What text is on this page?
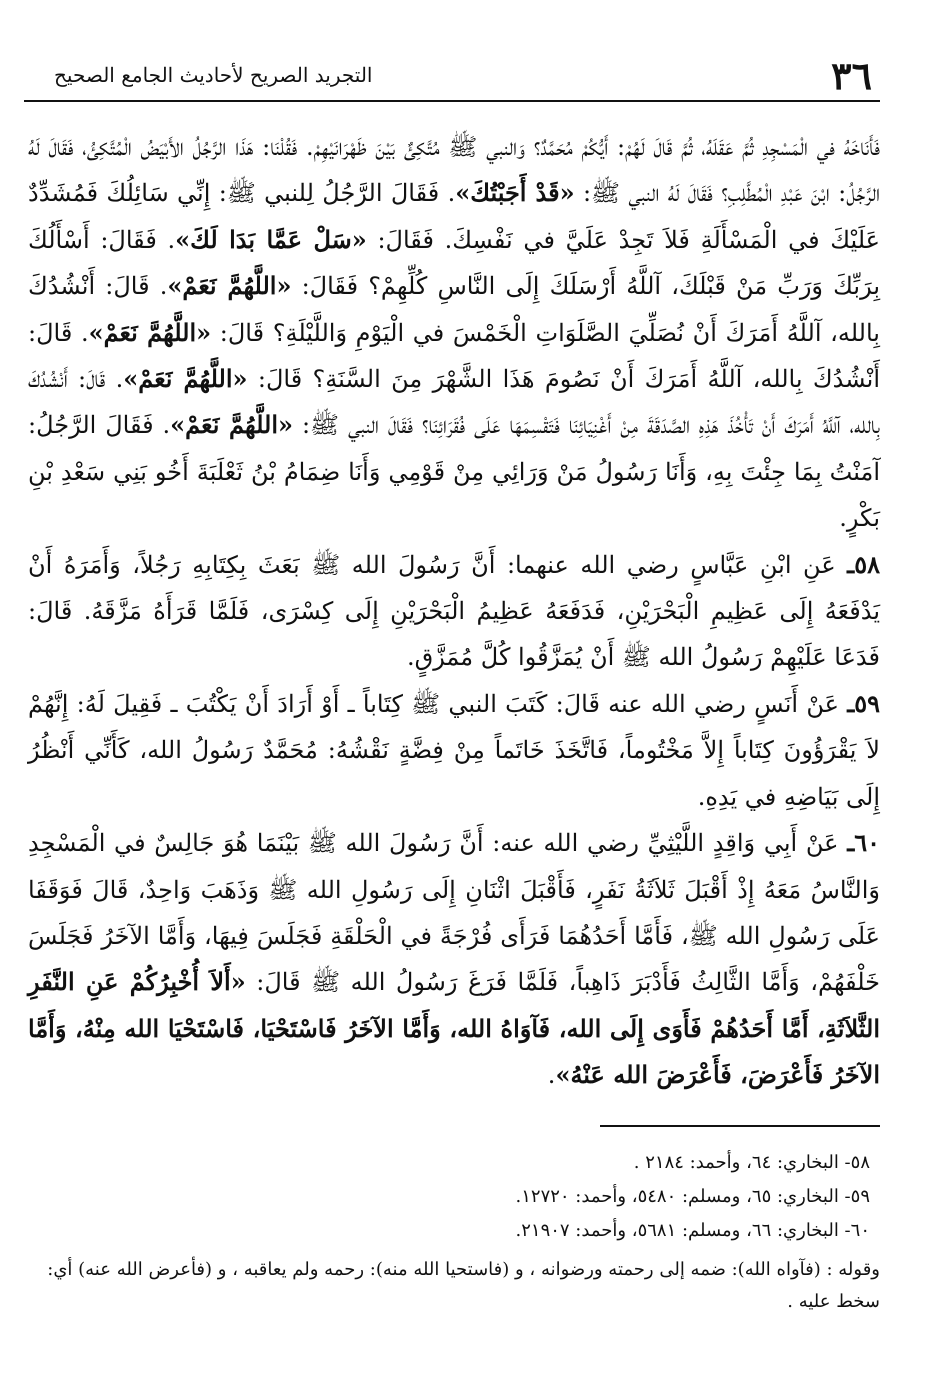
٣٦
التجريد الصريح لأحاديث الجامع الصحيح

فَأَنَاخَهُ في الْمَسْجِدِ ثُمَّ عَقَلَهُ، ثُمَّ قَالَ لَهُمْ: أَيُّكُمْ مُحَمَّدٌ؟ وَالنبي ﷺ مُتَّكِئٌ بَيْنَ ظَهْرَانَيْهِمْ. فَقُلْنَا: هَذَا الرَّجُلُ الأَبْيَضُ الْمُتَّكِئُ، فَقَالَ لَهُ الرَّجُلُ: ابْنَ عَبْدِ الْمُطَّلِبِ؟ فَقَالَ لَهُ النبي ﷺ: «قَدْ أَجَبْتُكَ». فَقَالَ الرَّجُلُ لِلنبي ﷺ: إِنِّي سَائِلُكَ فَمُشَدِّدٌ عَلَيْكَ في الْمَسْأَلَةِ فَلاَ تَجِدْ عَلَيَّ في نَفْسِكَ. فَقَالَ: «سَلْ عَمَّا بَدَا لَكَ». فَقَالَ: أَسْأَلُكَ بِرَبِّكَ وَرَبِّ مَنْ قَبْلَكَ، آللَّهُ أَرْسَلَكَ إِلَى النَّاسِ كُلِّهِمْ؟ فَقَالَ: «اللَّهُمَّ نَعَمْ». قَالَ: أَنْشُدُكَ بِالله، آللَّهُ أَمَرَكَ أَنْ نُصَلِّيَ الصَّلَوَاتِ الْخَمْسَ في الْيَوْمِ وَاللَّيْلَةِ؟ قَالَ: «اللَّهُمَّ نَعَمْ». قَالَ: أَنْشُدُكَ بِالله، آللَّهُ أَمَرَكَ أَنْ نَصُومَ هَذَا الشَّهْرَ مِنَ السَّنَةِ؟ قَالَ: «اللَّهُمَّ نَعَمْ». قَالَ: أَنْشُدُكَ بِالله، آللَّهُ أَمَرَكَ أَنْ تَأْخُذَ هَذِهِ الصَّدَقَةَ مِنْ أَغْنِيَائِنَا فَتَقْسِمَهَا عَلَى فُقَرَائِنَا؟ فَقَالَ النبي ﷺ: «اللَّهُمَّ نَعَمْ». فَقَالَ الرَّجُلُ: آمَنْتُ بِمَا جِئْتَ بِهِ، وَأَنَا رَسُولُ مَنْ وَرَائِي مِنْ قَوْمِي وَأَنَا ضِمَامُ بْنُ ثَعْلَبَةَ أَخُو بَنِي سَعْدِ بْنِ بَكْرٍ.

٥٨ـ عَنِ ابْنِ عَبَّاسٍ رضي الله عنهما: أَنَّ رَسُولَ الله ﷺ بَعَثَ بِكِتَابِهِ رَجُلاً، وَأَمَرَهُ أَنْ يَدْفَعَهُ إِلَى عَظِيمِ الْبَحْرَيْنِ، فَدَفَعَهُ عَظِيمُ الْبَحْرَيْنِ إِلَى كِسْرَى، فَلَمَّا قَرَأَهُ مَزَّقَهُ. قَالَ: فَدَعَا عَلَيْهِمْ رَسُولُ الله ﷺ أَنْ يُمَزَّقُوا كُلَّ مُمَزَّقٍ.

٥٩ـ عَنْ أَنَسٍ رضي الله عنه قَالَ: كَتَبَ النبي ﷺ كِتَاباً ـ أَوْ أَرَادَ أَنْ يَكْتُبَ ـ فَقِيلَ لَهُ: إِنَّهُمْ لاَ يَقْرَؤُونَ كِتَاباً إِلاَّ مَخْتُوماً، فَاتَّخَذَ خَاتَماً مِنْ فِضَّةٍ نَقْشُهُ: مُحَمَّدٌ رَسُولُ الله، كَأَنِّي أَنْظُرُ إِلَى بَيَاضِهِ في يَدِهِ.

٦٠ـ عَنْ أَبِي وَاقِدٍ اللَّيْثِيِّ رضي الله عنه: أَنَّ رَسُولَ الله ﷺ بَيْنَمَا هُوَ جَالِسٌ في الْمَسْجِدِ وَالنَّاسُ مَعَهُ إِذْ أَقْبَلَ ثَلاَثَةُ نَفَرٍ، فَأَقْبَلَ اثْنَانِ إِلَى رَسُولِ الله ﷺ وَذَهَبَ وَاحِدٌ، قَالَ فَوَقَفَا عَلَى رَسُولِ الله ﷺ، فَأَمَّا أَحَدُهُمَا فَرَأَى فُرْجَةً في الْحَلْقَةِ فَجَلَسَ فِيهَا، وَأَمَّا الآخَرُ فَجَلَسَ خَلْفَهُمْ، وَأَمَّا الثَّالِثُ فَأَدْبَرَ ذَاهِباً، فَلَمَّا فَرَغَ رَسُولُ الله ﷺ قَالَ: «أَلاَ أُخْبِرُكُمْ عَنِ النَّفَرِ الثَّلاَثَةِ، أَمَّا أَحَدُهُمْ فَأَوَى إِلَى الله، فَآوَاهُ الله، وَأَمَّا الآخَرُ فَاسْتَحْيَا، فَاسْتَحْيَا الله مِنْهُ، وَأَمَّا الآخَرُ فَأَعْرَضَ، فَأَعْرَضَ الله عَنْهُ».

٥٨- البخاري: ٦٤، وأحمد: ٢١٨٤ .

٥٩- البخاري: ٦٥، ومسلم: ٥٤٨٠، وأحمد: ١٢٧٢٠.

٦٠- البخاري: ٦٦، ومسلم: ٥٦٨١، وأحمد: ٢١٩٠٧.

وقوله : (فآواه الله): ضمه إلى رحمته ورضوانه ، و (فاستحيا الله منه): رحمه ولم يعاقبه ، و (فأعرض الله عنه) أي: سخط عليه .
